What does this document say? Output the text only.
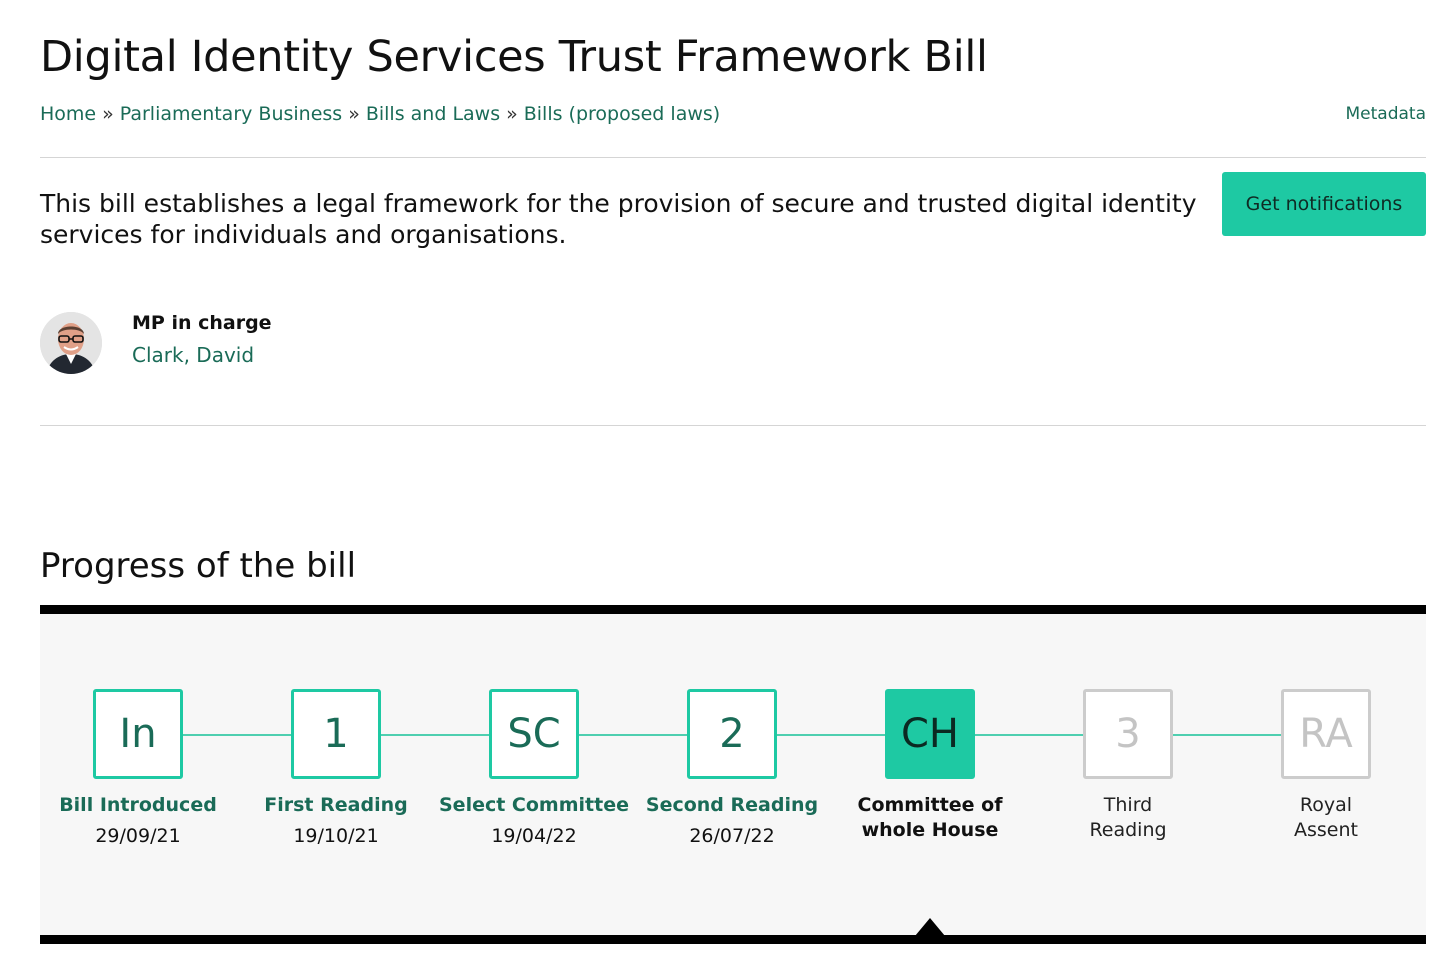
Digital Identity Services Trust Framework Bill
Home » Parliamentary Business » Bills and Laws » Bills (proposed laws)	Metadata

This bill establishes a legal framework for the provision of secure and trusted digital identity services for individuals and organisations.

Get notifications
MP in charge
Clark, David
Progress of the bill
In
Bill Introduced
29/09/21
1
First Reading
19/10/21
SC
Select Committee
19/04/22
2
Second Reading
26/07/22
CH
Committee of whole House
3
Third Reading
RA
Royal Assent
